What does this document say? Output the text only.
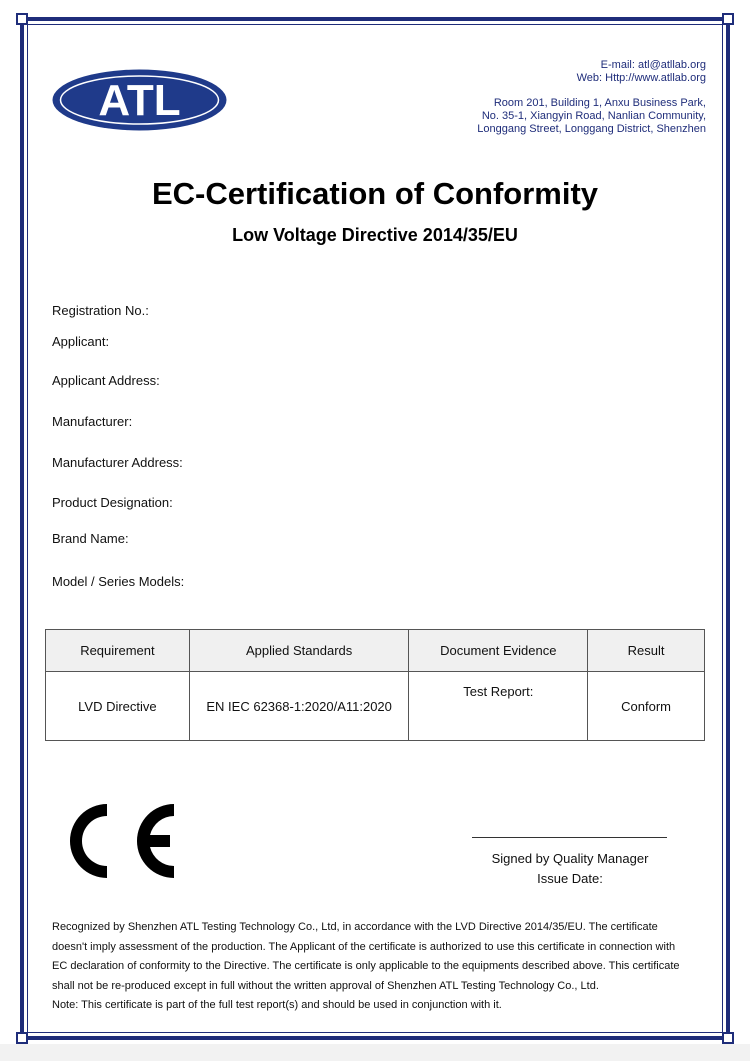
ATL
E-mail: atl@atllab.org
Web: Http://www.atllab.org
Room 201, Building 1, Anxu Business Park,
No. 35-1, Xiangyin Road, Nanlian Community,
Longgang Street, Longgang District, Shenzhen
EC-Certification of Conformity
Low Voltage Directive 2014/35/EU
Registration No.:
Applicant:
Applicant Address:
Manufacturer:
Manufacturer Address:
Product Designation:
Brand Name:
Model / Series Models:
Requirement	Applied Standards	Document Evidence	Result
LVD Directive	EN IEC 62368-1:2020/A11:2020	Test Report:	Conform
Signed by Quality Manager
Issue Date:

Recognized by Shenzhen ATL Testing Technology Co., Ltd, in accordance with the LVD Directive 2014/35/EU. The certificate

doesn't imply assessment of the production. The Applicant of the certificate is authorized to use this certificate in connection with

EC declaration of conformity to the Directive. The certificate is only applicable to the equipments described above. This certificate

shall not be re-produced except in full without the written approval of Shenzhen ATL Testing Technology Co., Ltd.

Note: This certificate is part of the full test report(s) and should be used in conjunction with it.
